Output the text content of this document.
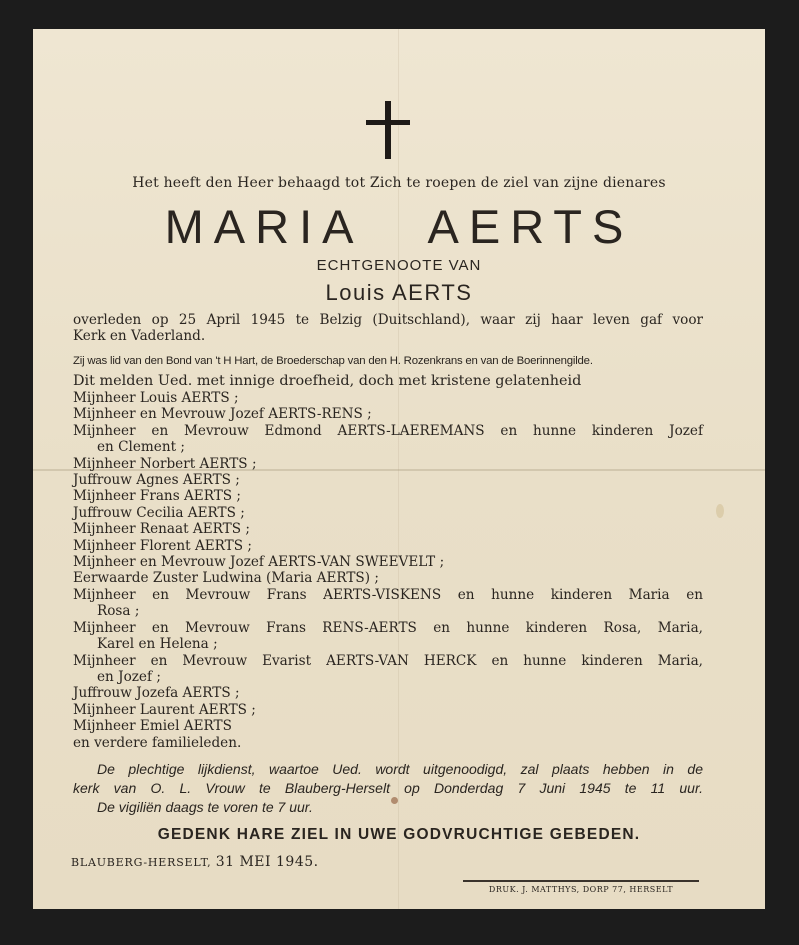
Het heeft den Heer behaagd tot Zich te roepen de ziel van zijne dienares
MARIA AERTS
ECHTGENOOTE VAN
Louis AERTS
overleden op 25 April 1945 te Belzig (Duitschland), waar zij haar leven gaf voor
Kerk en Vaderland.
Zij was lid van den Bond van 't H Hart, de Broederschap van den H. Rozenkrans en van de Boerinnengilde.
Dit melden Ued. met innige droefheid, doch met kristene gelatenheid
Mijnheer Louis AERTS ;
Mijnheer en Mevrouw Jozef AERTS-RENS ;
Mijnheer en Mevrouw Edmond AERTS-LAEREMANS en hunne kinderen Jozef
en Clement ;
Mijnheer Norbert AERTS ;
Juffrouw Agnes AERTS ;
Mijnheer Frans AERTS ;
Juffrouw Cecilia AERTS ;
Mijnheer Renaat AERTS ;
Mijnheer Florent AERTS ;
Mijnheer en Mevrouw Jozef AERTS-VAN SWEEVELT ;
Eerwaarde Zuster Ludwina (Maria AERTS) ;
Mijnheer en Mevrouw Frans AERTS-VISKENS en hunne kinderen Maria en
Rosa ;
Mijnheer en Mevrouw Frans RENS-AERTS en hunne kinderen Rosa, Maria,
Karel en Helena ;
Mijnheer en Mevrouw Evarist AERTS-VAN HERCK en hunne kinderen Maria,
en Jozef ;
Juffrouw Jozefa AERTS ;
Mijnheer Laurent AERTS ;
Mijnheer Emiel AERTS
en verdere familieleden.
De plechtige lijkdienst, waartoe Ued. wordt uitgenoodigd, zal plaats hebben in de
kerk van O. L. Vrouw te Blauberg-Herselt op Donderdag 7 Juni 1945 te 11 uur.
De vigiliën daags te voren te 7 uur.
GEDENK HARE ZIEL IN UWE GODVRUCHTIGE GEBEDEN.
BLAUBERG-HERSELT, 31 MEI 1945.
DRUK. J. MATTHYS, DORP 77, HERSELT
